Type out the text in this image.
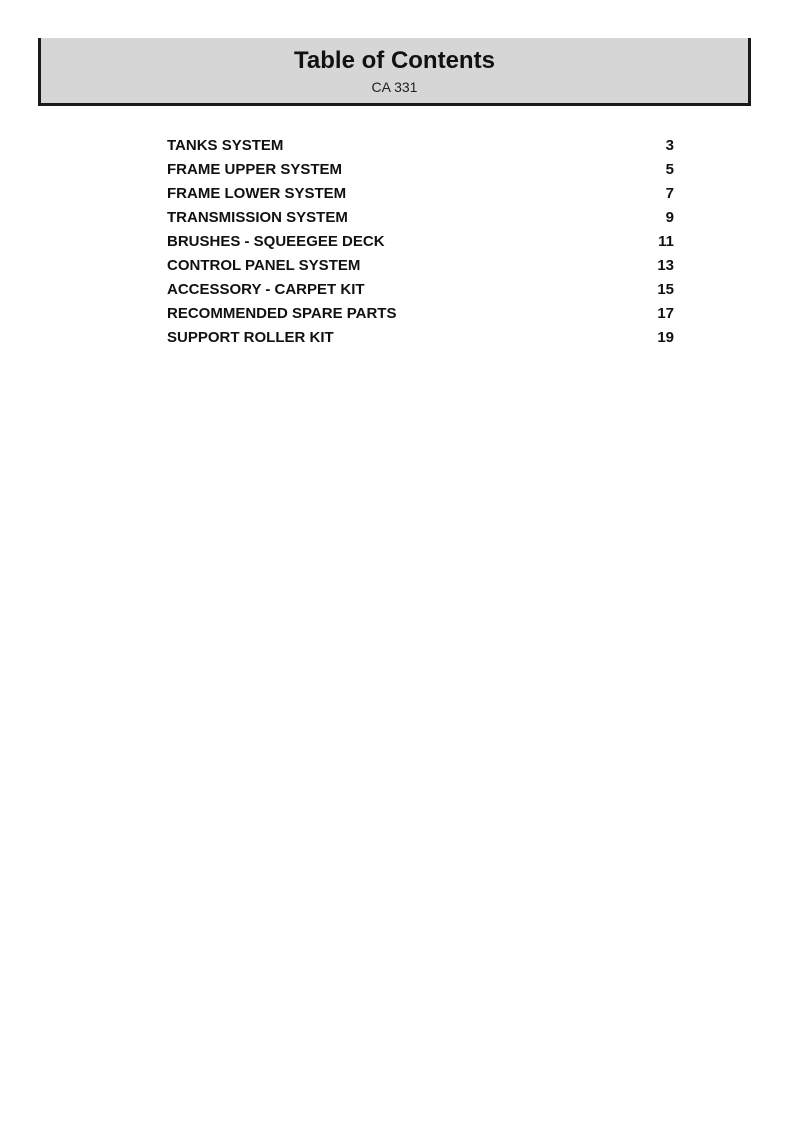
Table of Contents
CA 331
TANKS SYSTEM	3
FRAME UPPER SYSTEM	5
FRAME LOWER SYSTEM	7
TRANSMISSION SYSTEM	9
BRUSHES - SQUEEGEE DECK	11
CONTROL PANEL SYSTEM	13
ACCESSORY - CARPET KIT	15
RECOMMENDED SPARE PARTS	17
SUPPORT ROLLER KIT	19
